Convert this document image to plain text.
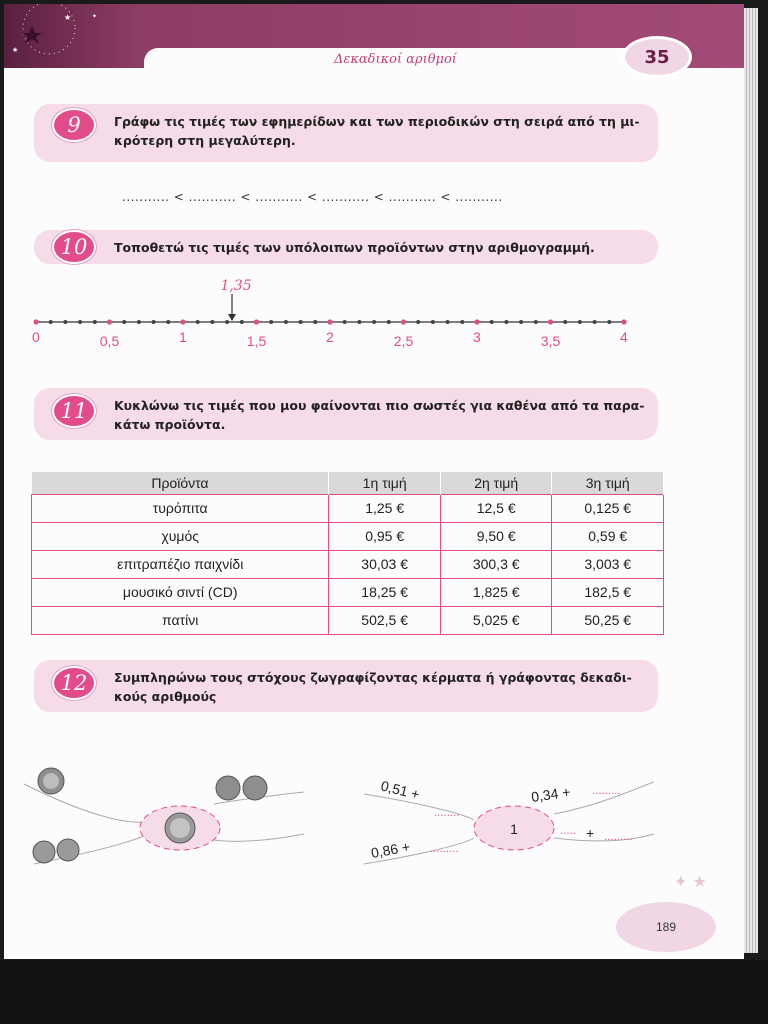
★
★
✦
Δεκαδικοί αριθμοί	35
9	Γράφω τις τιμές των εφημερίδων και των περιοδικών στη σειρά από τη μι-
κρότερη στη μεγαλύτερη.
........... < ........... < ........... < ........... < ........... < ...........
10	Τοποθετώ τις τιμές των υπόλοιπων προϊόντων στην αριθμογραμμή.
0	0,5	1	1,5	2	2,5	3	3,5	4
1,35
11	Κυκλώνω τις τιμές που μου φαίνονται πιο σωστές για καθένα από τα παρα-
κάτω προϊόντα.
Προϊόντα	1η τιμή	2η τιμή	3η τιμή
τυρόπιτα	1,25 €	12,5 €	0,125 €
χυμός	0,95 €	9,50 €	0,59 €
επιτραπέζιο παιχνίδι	30,03 €	300,3 €	3,003 €
μουσικό σιντί (CD)	18,25 €	1,825 €	182,5 €
πατίνι	502,5 €	5,025 €	50,25 €
12	Συμπληρώνω τους στόχους ζωγραφίζοντας κέρματα ή γράφοντας δεκαδι-
κούς αριθμούς
1
0,51 +
........
0,34 + .........
0,86 + .........
..... + .........
✦ ★
189
